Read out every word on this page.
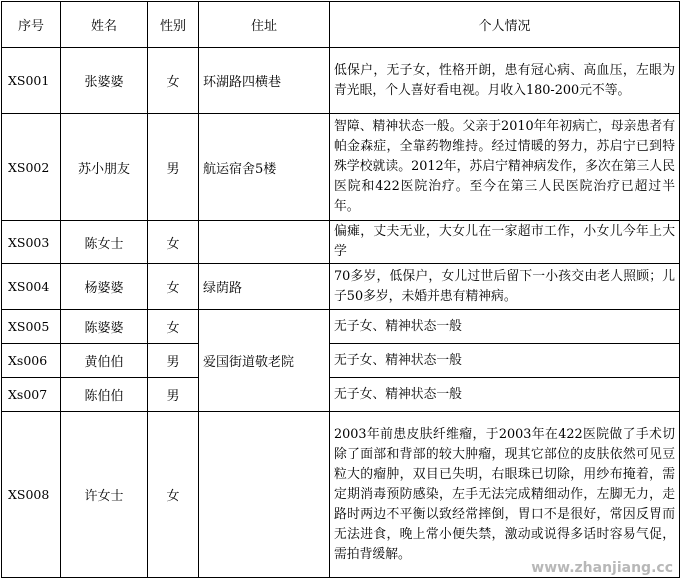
序号	姓名	性别	住址	个人情况
XS001	张婆婆	女	环湖路四横巷	低保户，无子女，性格开朗，患有冠心病、高血压，左眼为青光眼，个人喜好看电视。月收入180-200元不等。
XS002	苏小朋友	男	航运宿舍5楼	智障、精神状态一般。父亲于2010年年初病亡，母亲患者有帕金森症，全靠药物维持。经过情暖的努力，苏启宁已到特殊学校就读。2012年，苏启宁精神病发作，多次在第三人民医院和422医院治疗。至今在第三人民医院治疗已超过半年。
XS003	陈女士	女		偏瘫，丈夫无业，大女儿在一家超市工作，小女儿今年上大学
XS004	杨婆婆	女	绿荫路	70多岁，低保户，女儿过世后留下一小孩交由老人照顾；儿子50多岁，未婚并患有精神病。
XS005	陈婆婆	女	爱国街道敬老院	无子女、精神状态一般
Xs006	黄伯伯	男		无子女、精神状态一般
Xs007	陈伯伯	男		无子女、精神状态一般
XS008	许女士	女		2003年前患皮肤纤维瘤，于2003年在422医院做了手术切除了面部和背部的较大肿瘤，现其它部位的皮肤依然可见豆粒大的瘤肿，双目已失明，右眼珠已切除，用纱布掩着，需定期消毒预防感染，左手无法完成精细动作，左脚无力，走路时两边不平衡以致经常摔倒，胃口不是很好，常因反胃而无法进食，晚上常小便失禁，激动或说得多话时容易气促，需拍背缓解。
www.zhanjiang.cc
